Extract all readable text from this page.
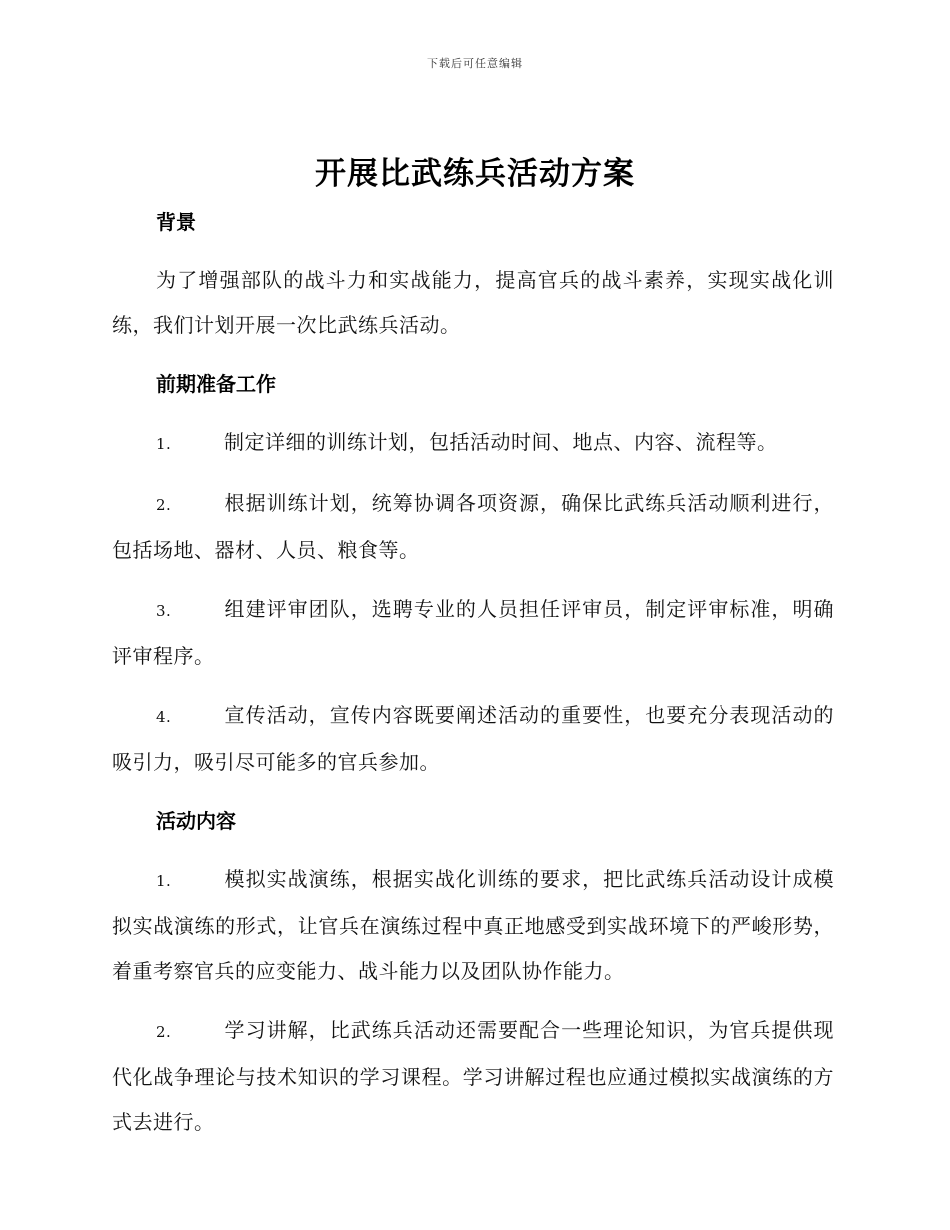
下载后可任意编辑
开展比武练兵活动方案
背景

为了增强部队的战斗力和实战能力，提高官兵的战斗素养，实现实战化训练，我们计划开展一次比武练兵活动。

前期准备工作

1.	制定详细的训练计划，包括活动时间、地点、内容、流程等。

2.	根据训练计划，统筹协调各项资源，确保比武练兵活动顺利进行，包括场地、器材、人员、粮食等。

3.	组建评审团队，选聘专业的人员担任评审员，制定评审标准，明确评审程序。

4.	宣传活动，宣传内容既要阐述活动的重要性，也要充分表现活动的吸引力，吸引尽可能多的官兵参加。

活动内容

1.	模拟实战演练，根据实战化训练的要求，把比武练兵活动设计成模拟实战演练的形式，让官兵在演练过程中真正地感受到实战环境下的严峻形势，着重考察官兵的应变能力、战斗能力以及团队协作能力。

2.	学习讲解，比武练兵活动还需要配合一些理论知识，为官兵提供现代化战争理论与技术知识的学习课程。学习讲解过程也应通过模拟实战演练的方式去进行。
